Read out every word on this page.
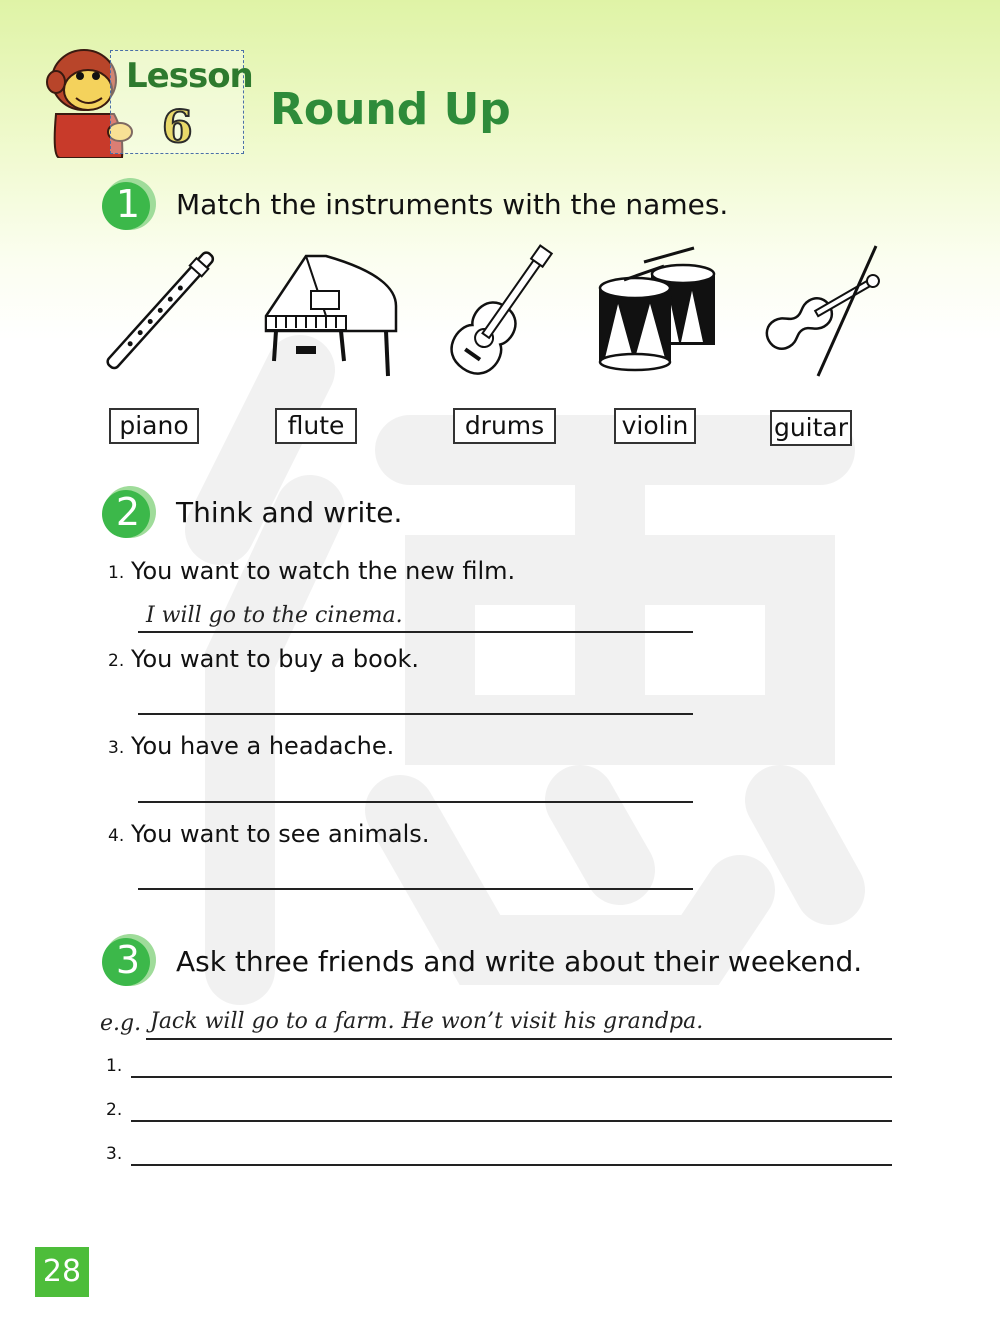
Lesson
6 Round Up
1	Match the instruments with the names.
piano	flute	drums	violin	guitar
2	Think and write.
1. You want to watch the new film.
I will go to the cinema.
2. You want to buy a book.
3. You have a headache.
4. You want to see animals.
3	Ask three friends and write about their weekend.
e.g. Jack will go to a farm. He won’t visit his grandpa.
1.
2.
3.
28
